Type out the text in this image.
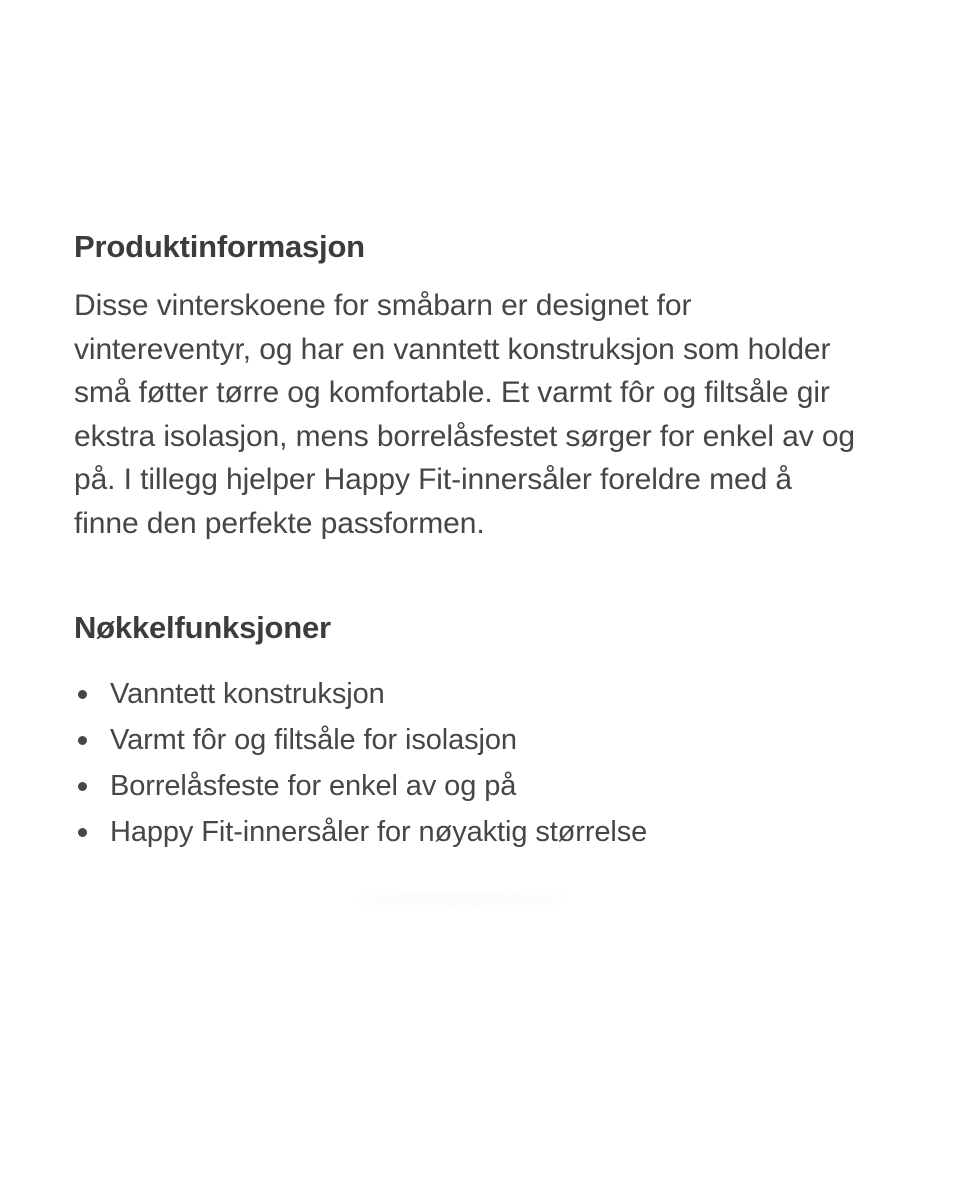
Produktinformasjon

Disse vinterskoene for småbarn er designet for vintereventyr, og har en vanntett konstruksjon som holder små føtter tørre og komfortable. Et varmt fôr og filtsåle gir ekstra isolasjon, mens borrelåsfestet sørger for enkel av og på. I tillegg hjelper Happy Fit-innersåler foreldre med å finne den perfekte passformen.

Nøkkelfunksjoner
Vanntett konstruksjon
Varmt fôr og filtsåle for isolasjon
Borrelåsfeste for enkel av og på
Happy Fit-innersåler for nøyaktig størrelse
